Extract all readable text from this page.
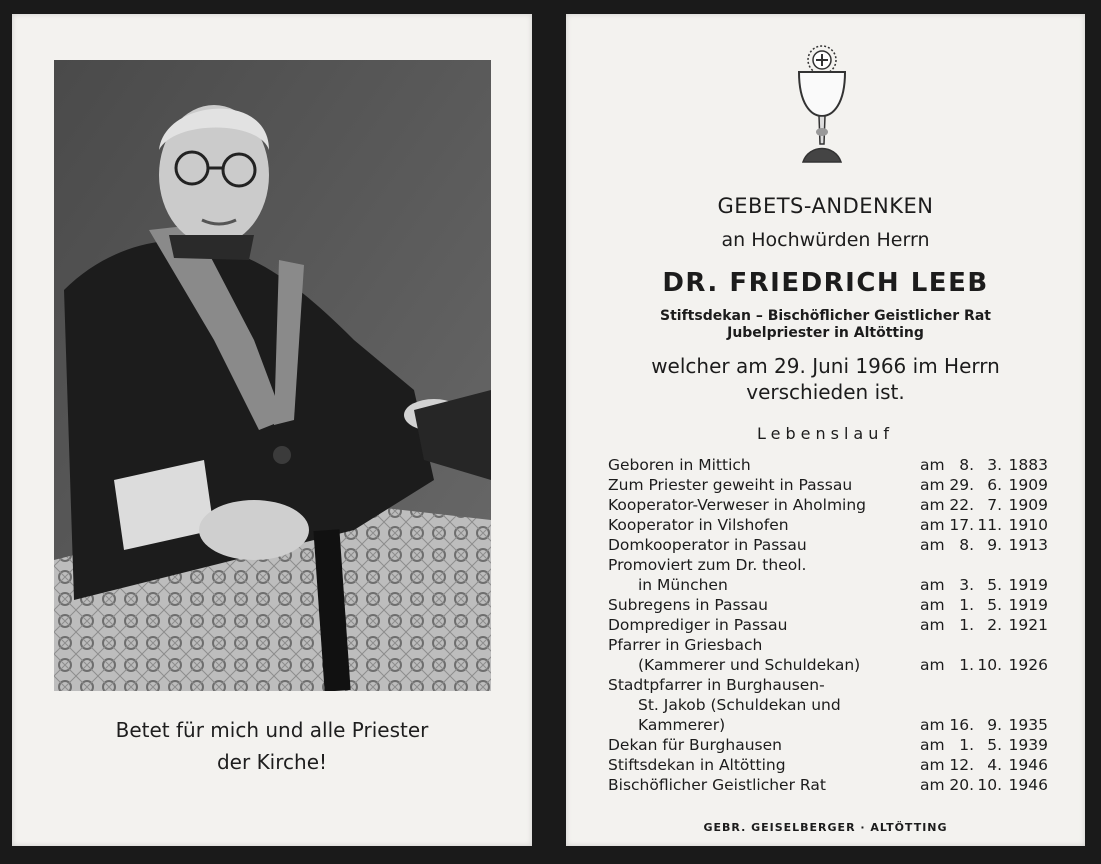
Betet für mich und alle Priester
der Kirche!
GEBETS-ANDENKEN
an Hochwürden Herrn
DR. FRIEDRICH LEEB
Stiftsdekan – Bischöflicher Geistlicher Rat
Jubelpriester in Altötting
welcher am 29. Juni 1966 im Herrn
verschieden ist.
Lebenslauf
Geboren in Mittich	am 8. 3. 1883
Zum Priester geweiht in Passau	am 29. 6. 1909
Kooperator-Verweser in Aholming	am 22. 7. 1909
Kooperator in Vilshofen	am 17. 11. 1910
Domkooperator in Passau	am 8. 9. 1913
Promoviert zum Dr. theol.
in München	am 3. 5. 1919
Subregens in Passau	am 1. 5. 1919
Domprediger in Passau	am 1. 2. 1921
Pfarrer in Griesbach
(Kammerer und Schuldekan)	am 1. 10. 1926
Stadtpfarrer in Burghausen-
St. Jakob (Schuldekan und
Kammerer)	am 16. 9. 1935
Dekan für Burghausen	am 1. 5. 1939
Stiftsdekan in Altötting	am 12. 4. 1946
Bischöflicher Geistlicher Rat	am 20. 10. 1946
GEBR. GEISELBERGER · ALTÖTTING
